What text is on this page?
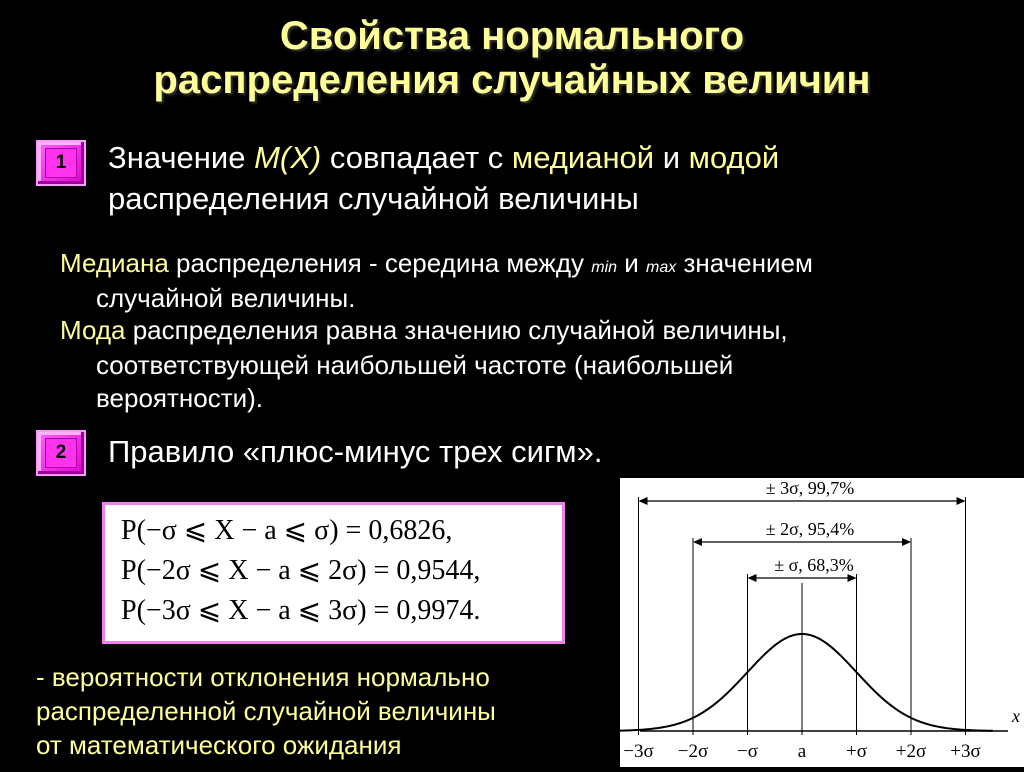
Свойства нормального
распределения случайных величин
1	Значение M(X) совпадает с медианой и модой
распределения случайной величины
Медиана распределения - середина между min и max значением
случайной величины.
Мода распределения равна значению случайной величины,
соответствующей наибольшей частоте (наибольшей
вероятности).
2	Правило «плюс-минус трех сигм».
P(−σ ⩽ X − a ⩽ σ) = 0,6826,
P(−2σ ⩽ X − a ⩽ 2σ) = 0,9544,
P(−3σ ⩽ X − a ⩽ 3σ) = 0,9974.
- вероятности отклонения нормально
распределенной случайной величины
от математического ожидания
± σ, 68,3%
± 2σ, 95,4%
± 3σ, 99,7%
−3σ −2σ −σ a +σ +2σ +3σ
x
